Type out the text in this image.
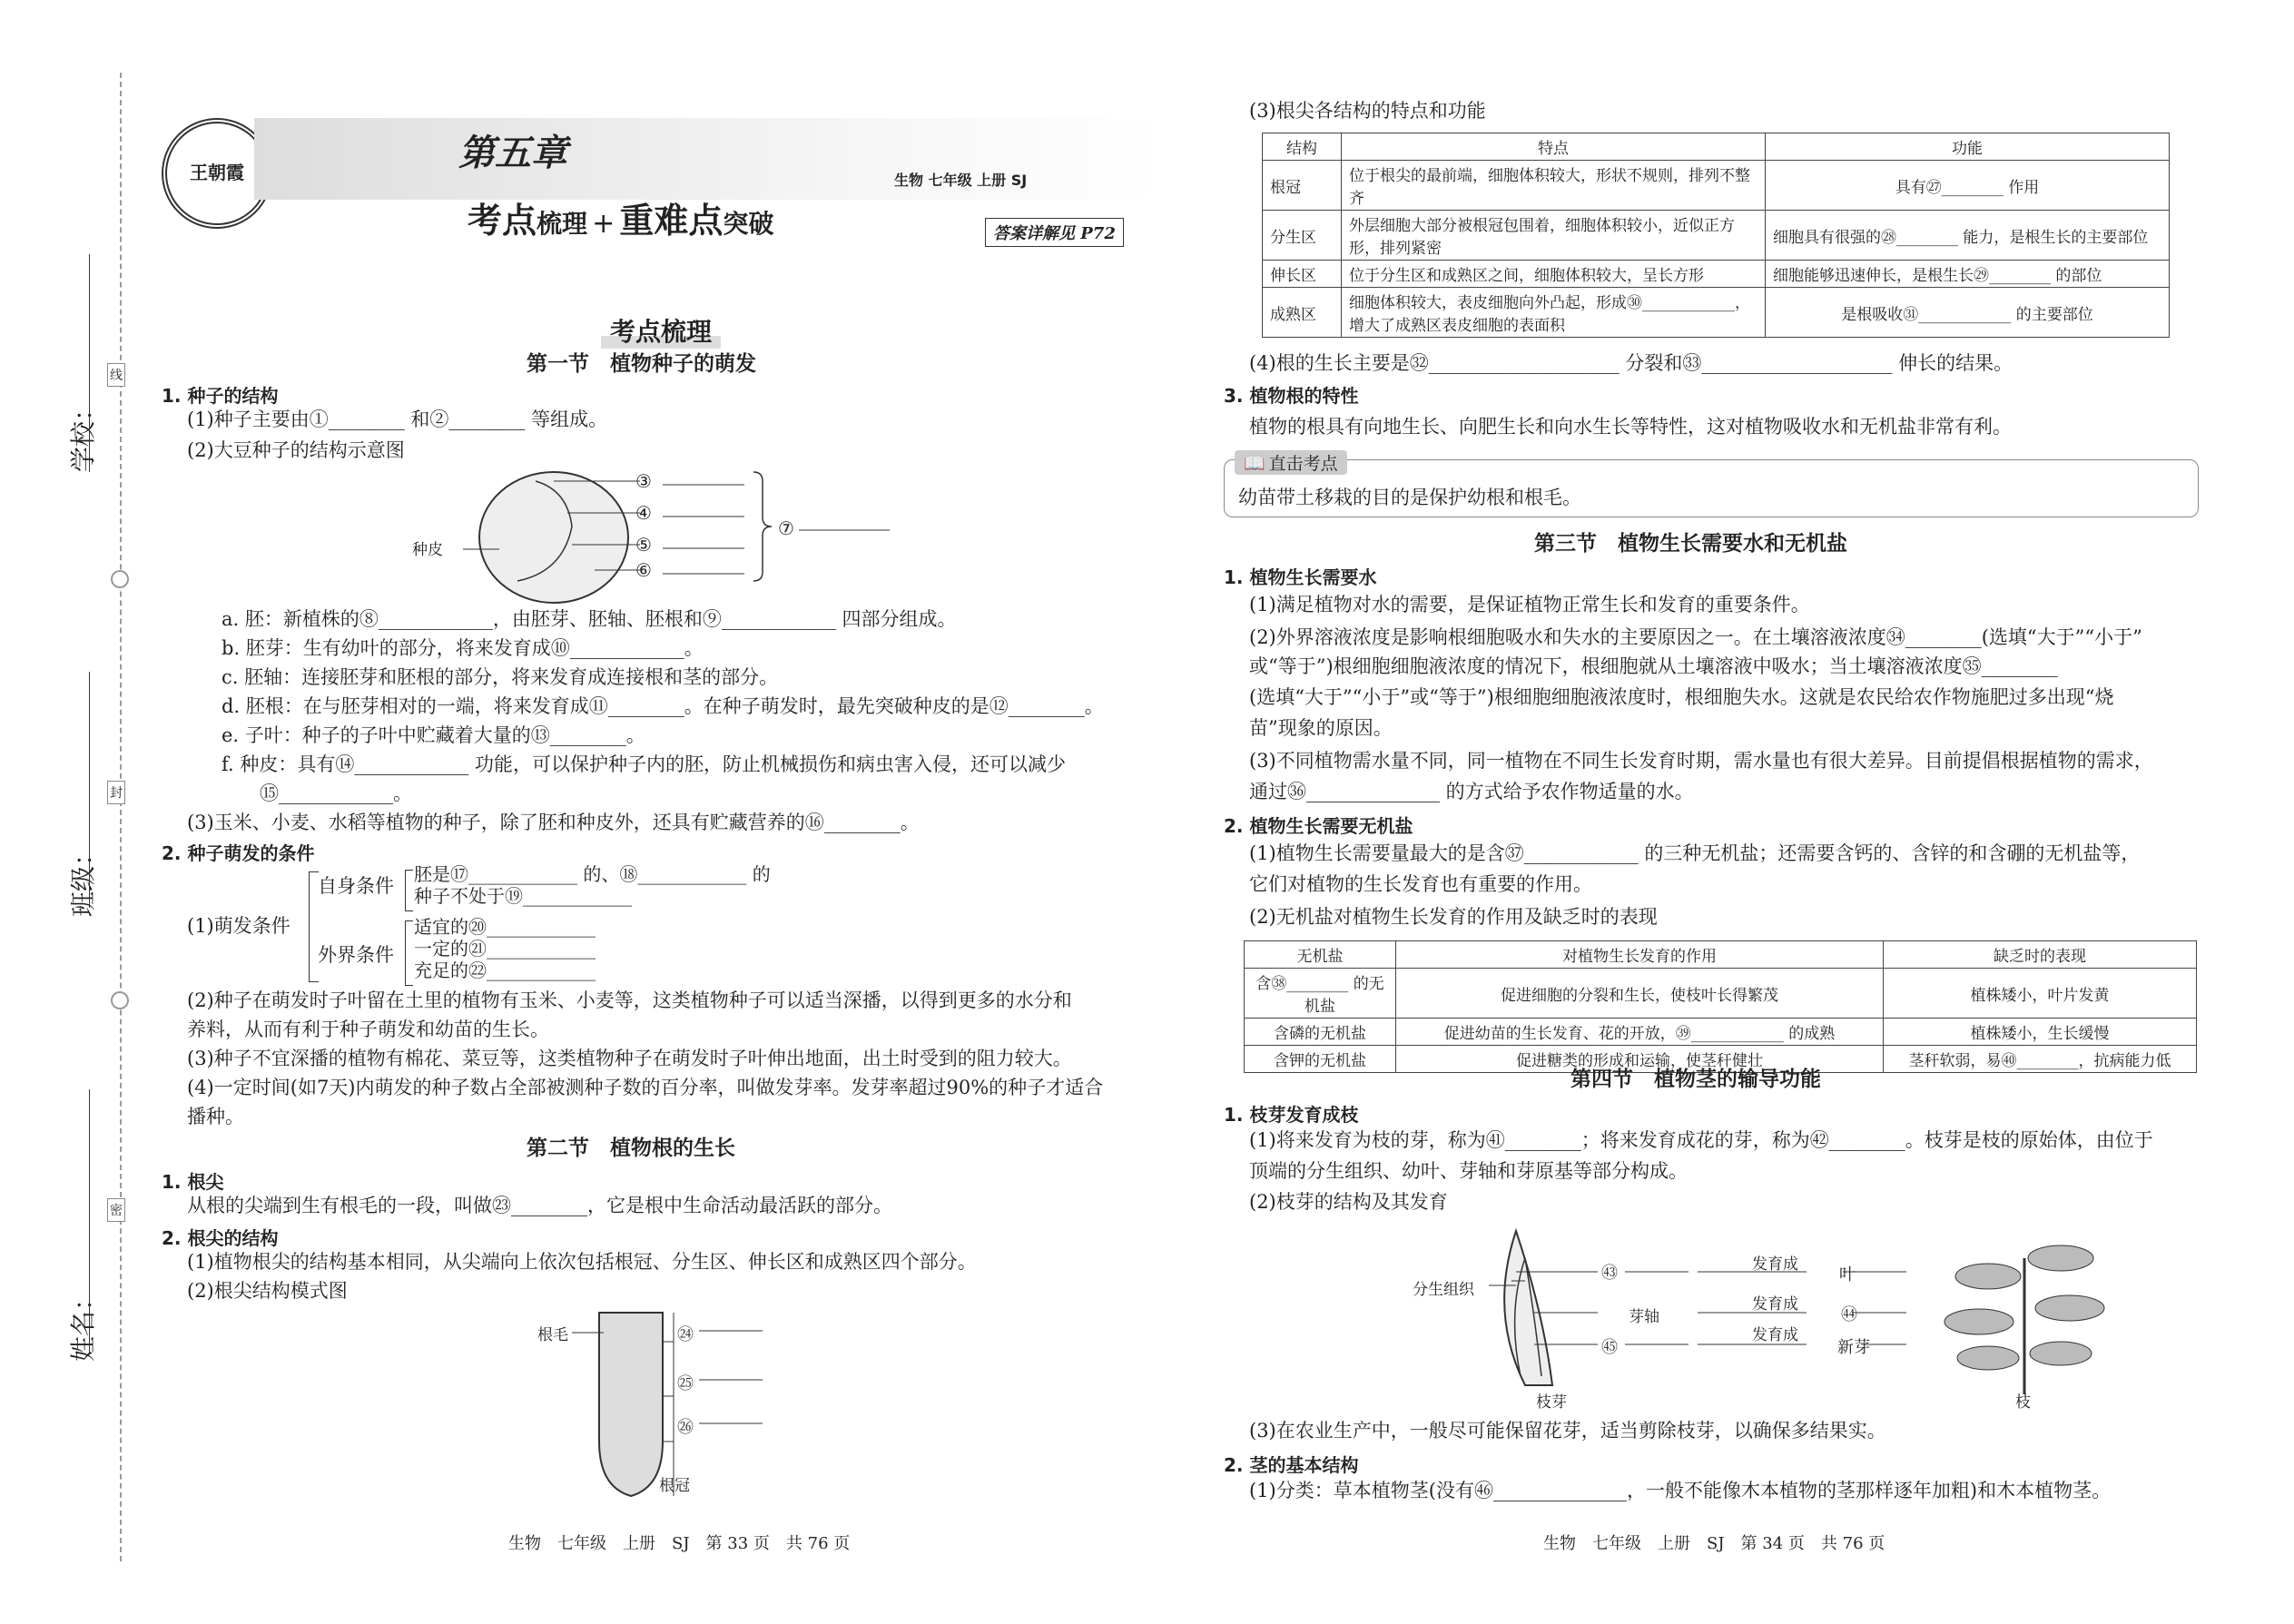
学校：
班级：
姓名：
线
封
密
王朝霞	第五章
考点梳理 + 重难点突破
生物 七年级 上册 SJ
答案详解见 P72
考点梳理
第一节　植物种子的萌发
1. 种子的结构
(1)种子主要由①________ 和②________ 等组成。
(2)大豆种子的结构示意图
种皮
③
④
⑤
⑥
⑦
a. 胚：新植株的⑧____________，由胚芽、胚轴、胚根和⑨____________ 四部分组成。
b. 胚芽：生有幼叶的部分，将来发育成⑩____________。
c. 胚轴：连接胚芽和胚根的部分，将来发育成连接根和茎的部分。
d. 胚根：在与胚芽相对的一端，将来发育成⑪________。在种子萌发时，最先突破种皮的是⑫________。
e. 子叶：种子的子叶中贮藏着大量的⑬________。
f. 种皮：具有⑭____________ 功能，可以保护种子内的胚，防止机械损伤和病虫害入侵，还可以减少
⑮____________。
(3)玉米、小麦、水稻等植物的种子，除了胚和种皮外，还具有贮藏营养的⑯________。
2. 种子萌发的条件
(1)萌发条件
自身条件
外界条件
胚是⑰____________ 的、⑱____________ 的
种子不处于⑲____________
适宜的⑳____________
一定的㉑____________
充足的㉒____________
(2)种子在萌发时子叶留在土里的植物有玉米、小麦等，这类植物种子可以适当深播，以得到更多的水分和
养料，从而有利于种子萌发和幼苗的生长。
(3)种子不宜深播的植物有棉花、菜豆等，这类植物种子在萌发时子叶伸出地面，出土时受到的阻力较大。
(4)一定时间(如7天)内萌发的种子数占全部被测种子数的百分率，叫做发芽率。发芽率超过90%的种子才适合
播种。
第二节　植物根的生长
1. 根尖
从根的尖端到生有根毛的一段，叫做㉓________，它是根中生命活动最活跃的部分。
2. 根尖的结构
(1)植物根尖的结构基本相同，从尖端向上依次包括根冠、分生区、伸长区和成熟区四个部分。
(2)根尖结构模式图
根毛
根冠
㉔
㉕
㉖
生物　七年级　上册　SJ　第 33 页　共 76 页
(3)根尖各结构的特点和功能
结构	特点	功能
根冠	位于根尖的最前端，细胞体积较大，形状不规则，排列不整齐	具有㉗________ 作用
分生区	外层细胞大部分被根冠包围着，细胞体积较小，近似正方形，排列紧密	细胞具有很强的㉘________ 能力，是根生长的主要部位
伸长区	位于分生区和成熟区之间，细胞体积较大，呈长方形	细胞能够迅速伸长，是根生长㉙________ 的部位
成熟区	细胞体积较大，表皮细胞向外凸起，形成㉚____________，增大了成熟区表皮细胞的表面积	是根吸收㉛____________ 的主要部位
(4)根的生长主要是㉜____________________ 分裂和㉝____________________ 伸长的结果。
3. 植物根的特性
植物的根具有向地生长、向肥生长和向水生长等特性，这对植物吸收水和无机盐非常有利。
📖 直击考点
幼苗带土移栽的目的是保护幼根和根毛。
第三节　植物生长需要水和无机盐
1. 植物生长需要水
(1)满足植物对水的需要，是保证植物正常生长和发育的重要条件。
(2)外界溶液浓度是影响根细胞吸水和失水的主要原因之一。在土壤溶液浓度㉞________(选填“大于”“小于”
或“等于”)根细胞细胞液浓度的情况下，根细胞就从土壤溶液中吸水；当土壤溶液浓度㉟________
(选填“大于”“小于”或“等于”)根细胞细胞液浓度时，根细胞失水。这就是农民给农作物施肥过多出现“烧
苗”现象的原因。
(3)不同植物需水量不同，同一植物在不同生长发育时期，需水量也有很大差异。目前提倡根据植物的需求，
通过㊱______________ 的方式给予农作物适量的水。
2. 植物生长需要无机盐
(1)植物生长需要量最大的是含㊲____________ 的三种无机盐；还需要含钙的、含锌的和含硼的无机盐等，
它们对植物的生长发育也有重要的作用。
(2)无机盐对植物生长发育的作用及缺乏时的表现
无机盐	对植物生长发育的作用	缺乏时的表现
含㊳________ 的无机盐	促进细胞的分裂和生长，使枝叶长得繁茂	植株矮小，叶片发黄
含磷的无机盐	促进幼苗的生长发育、花的开放，㊴____________ 的成熟	植株矮小，生长缓慢
含钾的无机盐	促进糖类的形成和运输，使茎秆健壮	茎秆软弱，易㊵________，抗病能力低
第四节　植物茎的输导功能
1. 枝芽发育成枝
(1)将来发育为枝的芽，称为㊶________；将来发育成花的芽，称为㊷________。枝芽是枝的原始体，由位于
顶端的分生组织、幼叶、芽轴和芽原基等部分构成。
(2)枝芽的结构及其发育
分生组织
芽轴
㊸
㊺
发育成
发育成
发育成
叶
㊹
新芽
枝芽	枝
(3)在农业生产中，一般尽可能保留花芽，适当剪除枝芽，以确保多结果实。
2. 茎的基本结构
(1)分类：草本植物茎(没有㊻______________，一般不能像木本植物的茎那样逐年加粗)和木本植物茎。
生物　七年级　上册　SJ　第 34 页　共 76 页
